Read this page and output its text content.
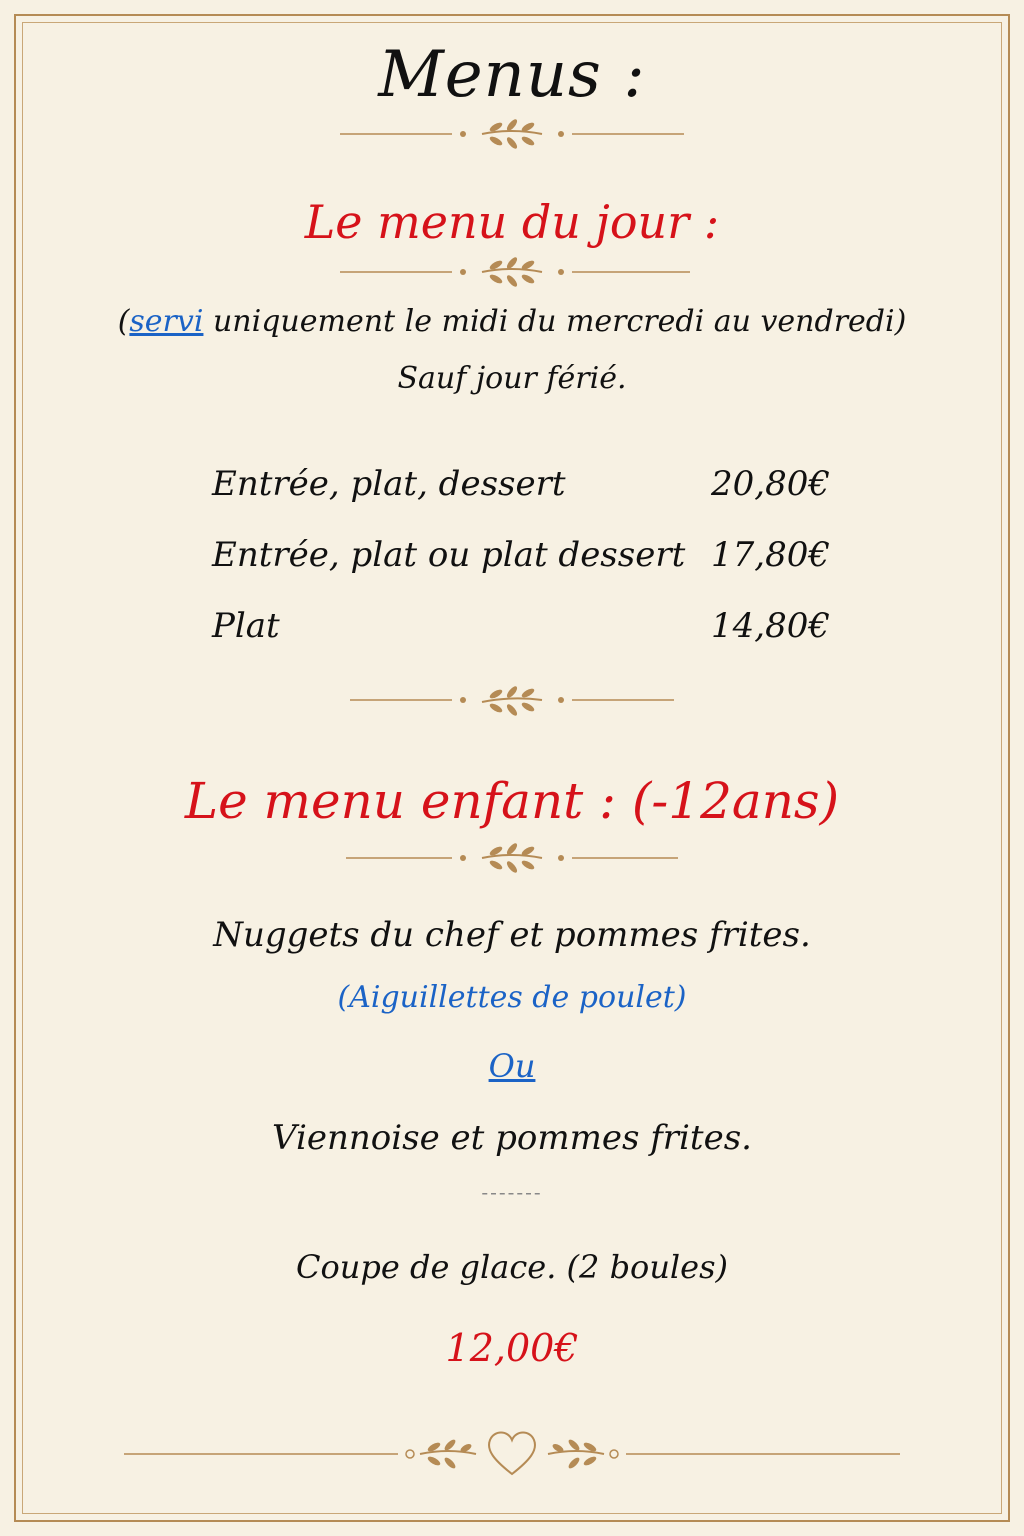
Menus :
Le menu du jour :
(servi uniquement le midi du mercredi au vendredi)
Sauf jour férié.
Entrée, plat, dessert	20,80€
Entrée, plat ou plat dessert 17,80€
Plat	14,80€
Le menu enfant : (-12ans)
Nuggets du chef et pommes frites.
(Aiguillettes de poulet)
Ou
Viennoise et pommes frites.
-------
Coupe de glace. (2 boules)
12,00€
